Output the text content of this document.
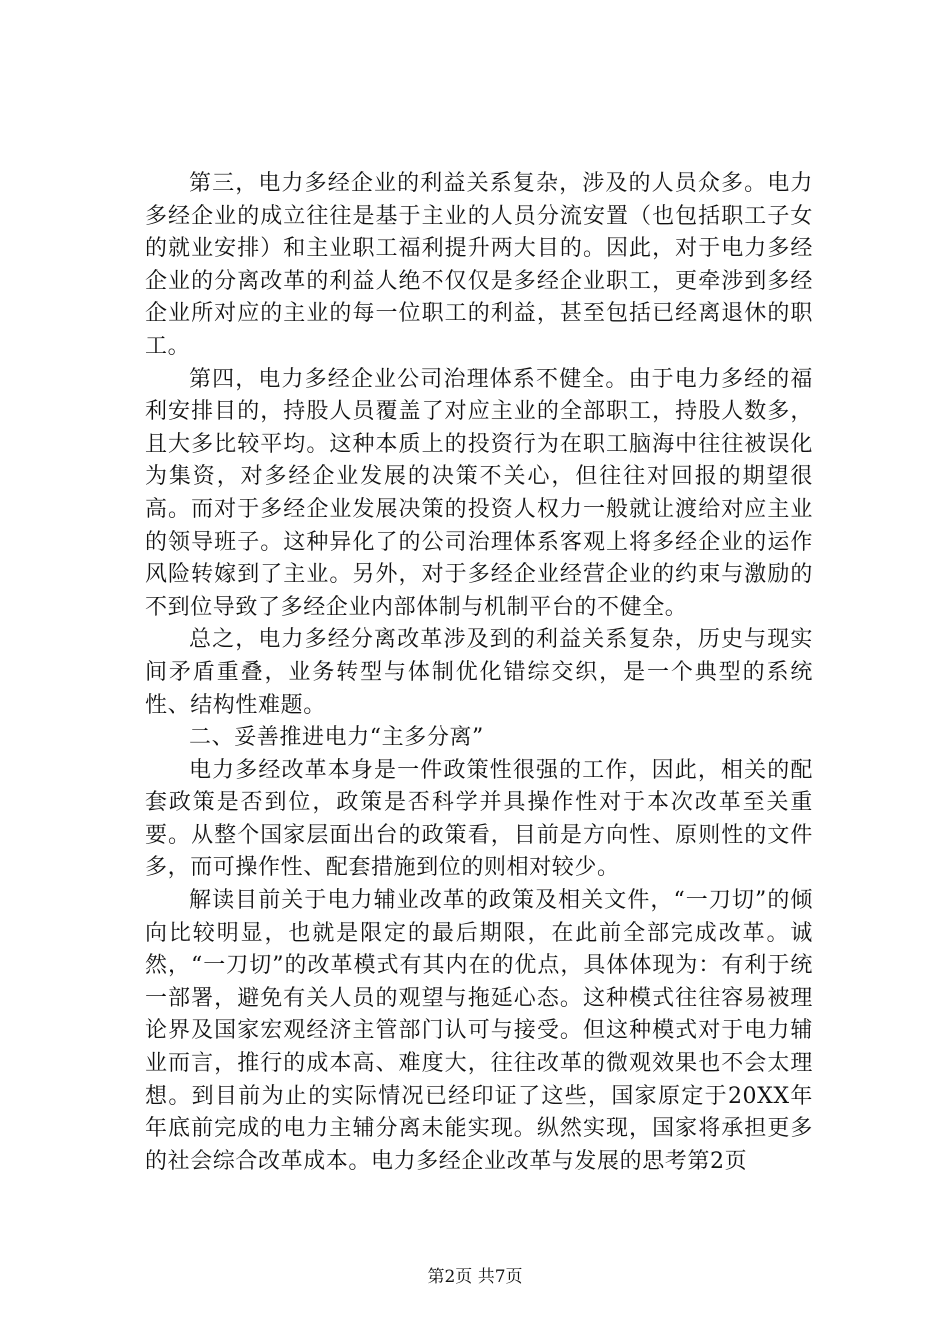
第三，电力多经企业的利益关系复杂，涉及的人员众多。电力多经企业的成立往往是基于主业的人员分流安置（也包括职工子女的就业安排）和主业职工福利提升两大目的。因此，对于电力多经企业的分离改革的利益人绝不仅仅是多经企业职工，更牵涉到多经企业所对应的主业的每一位职工的利益，甚至包括已经离退休的职工。

第四，电力多经企业公司治理体系不健全。由于电力多经的福利安排目的，持股人员覆盖了对应主业的全部职工，持股人数多，且大多比较平均。这种本质上的投资行为在职工脑海中往往被误化为集资，对多经企业发展的决策不关心，但往往对回报的期望很高。而对于多经企业发展决策的投资人权力一般就让渡给对应主业的领导班子。这种异化了的公司治理体系客观上将多经企业的运作风险转嫁到了主业。另外，对于多经企业经营企业的约束与激励的不到位导致了多经企业内部体制与机制平台的不健全。

总之，电力多经分离改革涉及到的利益关系复杂，历史与现实间矛盾重叠，业务转型与体制优化错综交织，是一个典型的系统性、结构性难题。

二、妥善推进电力“主多分离”

电力多经改革本身是一件政策性很强的工作，因此，相关的配套政策是否到位，政策是否科学并具操作性对于本次改革至关重要。从整个国家层面出台的政策看，目前是方向性、原则性的文件多，而可操作性、配套措施到位的则相对较少。

解读目前关于电力辅业改革的政策及相关文件，“一刀切”的倾向比较明显，也就是限定的最后期限，在此前全部完成改革。诚然，“一刀切”的改革模式有其内在的优点，具体体现为：有利于统一部署，避免有关人员的观望与拖延心态。这种模式往往容易被理论界及国家宏观经济主管部门认可与接受。但这种模式对于电力辅业而言，推行的成本高、难度大，往往改革的微观效果也不会太理想。到目前为止的实际情况已经印证了这些，国家原定于20XX年年底前完成的电力主辅分离未能实现。纵然实现，国家将承担更多的社会综合改革成本。电力多经企业改革与发展的思考第2页

第2页 共7页
